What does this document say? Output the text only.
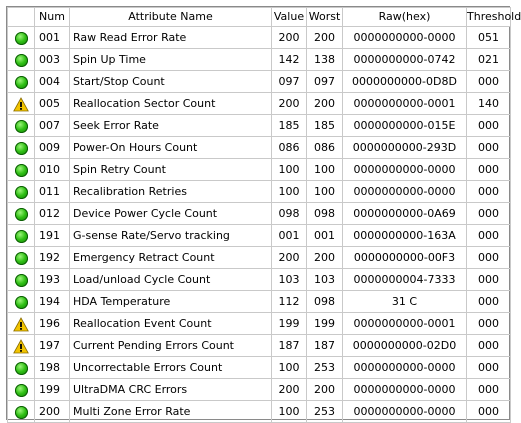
	Num	Attribute Name	Value	Worst	Raw(hex)	Threshold
	001	Raw Read Error Rate	200	200	0000000000-0000	051
	003	Spin Up Time	142	138	0000000000-0742	021
	004	Start/Stop Count	097	097	0000000000-0D8D	000
	005	Reallocation Sector Count	200	200	0000000000-0001	140
	007	Seek Error Rate	185	185	0000000000-015E	000
	009	Power-On Hours Count	086	086	0000000000-293D	000
	010	Spin Retry Count	100	100	0000000000-0000	000
	011	Recalibration Retries	100	100	0000000000-0000	000
	012	Device Power Cycle Count	098	098	0000000000-0A69	000
	191	G-sense Rate/Servo tracking	001	001	0000000000-163A	000
	192	Emergency Retract Count	200	200	0000000000-00F3	000
	193	Load/unload Cycle Count	103	103	0000000004-7333	000
	194	HDA Temperature	112	098	31 C	000
	196	Reallocation Event Count	199	199	0000000000-0001	000
	197	Current Pending Errors Count	187	187	0000000000-02D0	000
	198	Uncorrectable Errors Count	100	253	0000000000-0000	000
	199	UltraDMA CRC Errors	200	200	0000000000-0000	000
	200	Multi Zone Error Rate	100	253	0000000000-0000	000
